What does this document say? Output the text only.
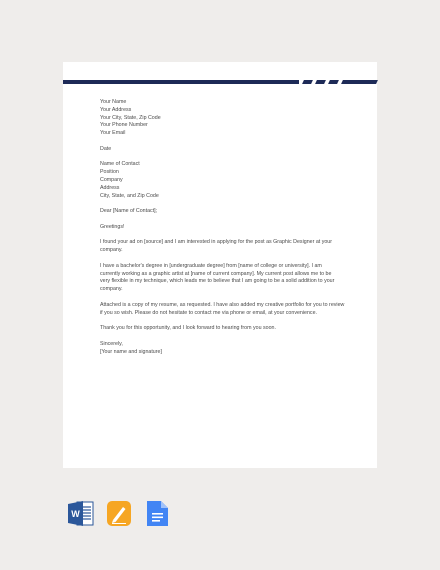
Your Name
Your Address
Your City, State, Zip Code
Your Phone Number
Your Email
Date
Name of Contact
Position
Company
Address
City, State, and Zip Code
Dear [Name of Contact];
Greetings!
I found your ad on [source] and I am interested in applying for the post as Graphic Designer at your
company.
I have a bachelor's degree in [undergraduate degree] from [name of college or university]. I am
currently working as a graphic artist at [name of current company]. My current post allows me to be
very flexible in my technique, which leads me to believe that I am going to be a solid addition to your
company.
Attached is a copy of my resume, as requested. I have also added my creative portfolio for you to review
if you so wish. Please do not hesitate to contact me via phone or email, at your convenience.
Thank you for this opportunity, and I look forward to hearing from you soon.
Sincerely,
[Your name and signature]
W
